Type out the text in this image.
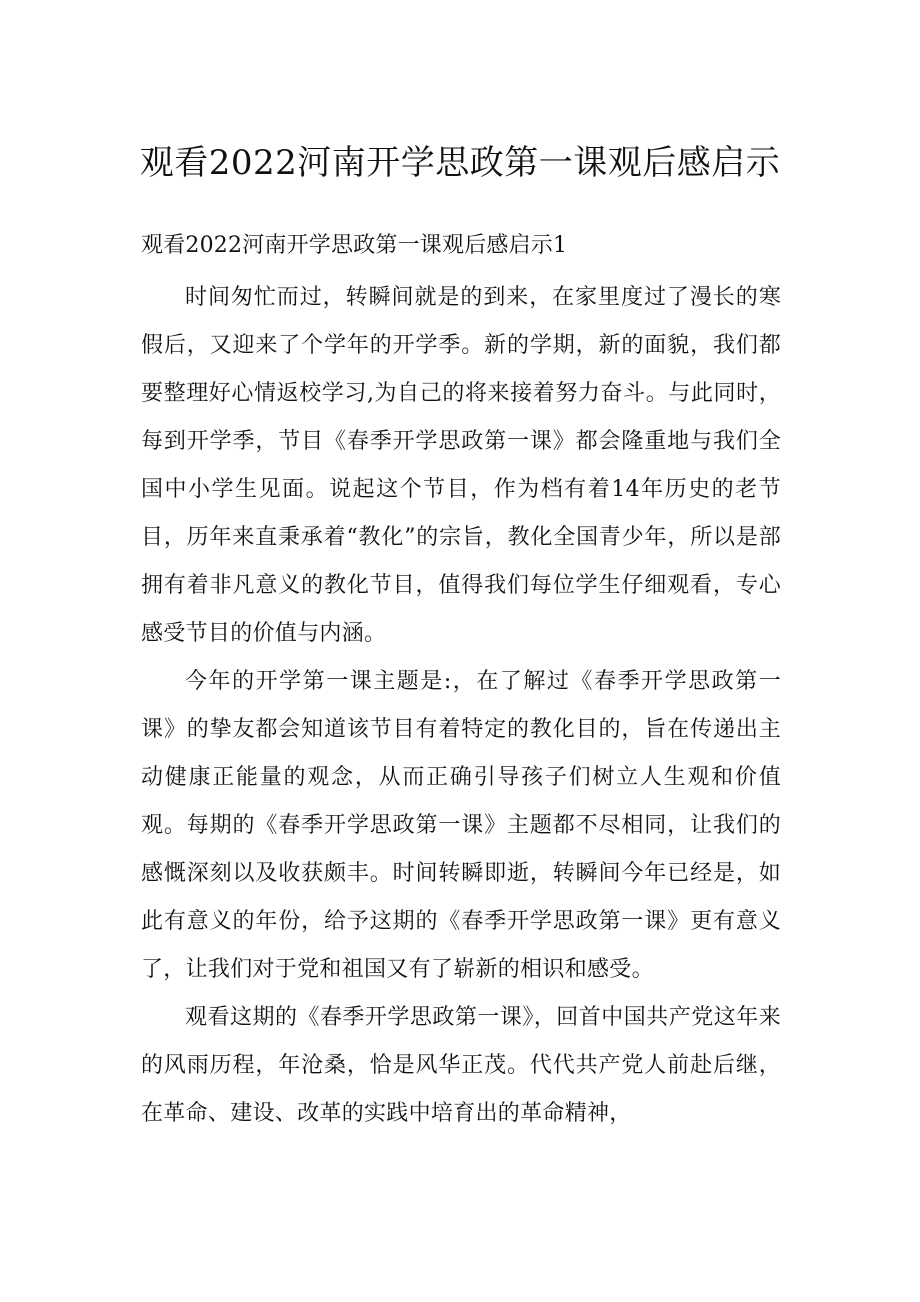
观看2022河南开学思政第一课观后感启示

观看2022河南开学思政第一课观后感启示1

时间匆忙而过，转瞬间就是的到来，在家里度过了漫长的寒假后，又迎来了个学年的开学季。新的学期，新的面貌，我们都要整理好心情返校学习,为自己的将来接着努力奋斗。与此同时，每到开学季，节目《春季开学思政第一课》都会隆重地与我们全国中小学生见面。说起这个节目，作为档有着14年历史的老节目，历年来直秉承着“教化”的宗旨，教化全国青少年，所以是部拥有着非凡意义的教化节目，值得我们每位学生仔细观看，专心感受节目的价值与内涵。

今年的开学第一课主题是:，在了解过《春季开学思政第一课》的挚友都会知道该节目有着特定的教化目的，旨在传递出主动健康正能量的观念，从而正确引导孩子们树立人生观和价值观。每期的《春季开学思政第一课》主题都不尽相同，让我们的感慨深刻以及收获颇丰。时间转瞬即逝，转瞬间今年已经是，如此有意义的年份，给予这期的《春季开学思政第一课》更有意义了，让我们对于党和祖国又有了崭新的相识和感受。

观看这期的《春季开学思政第一课》，回首中国共产党这年来的风雨历程，年沧桑，恰是风华正茂。代代共产党人前赴后继，在革命、建设、改革的实践中培育出的革命精神，
